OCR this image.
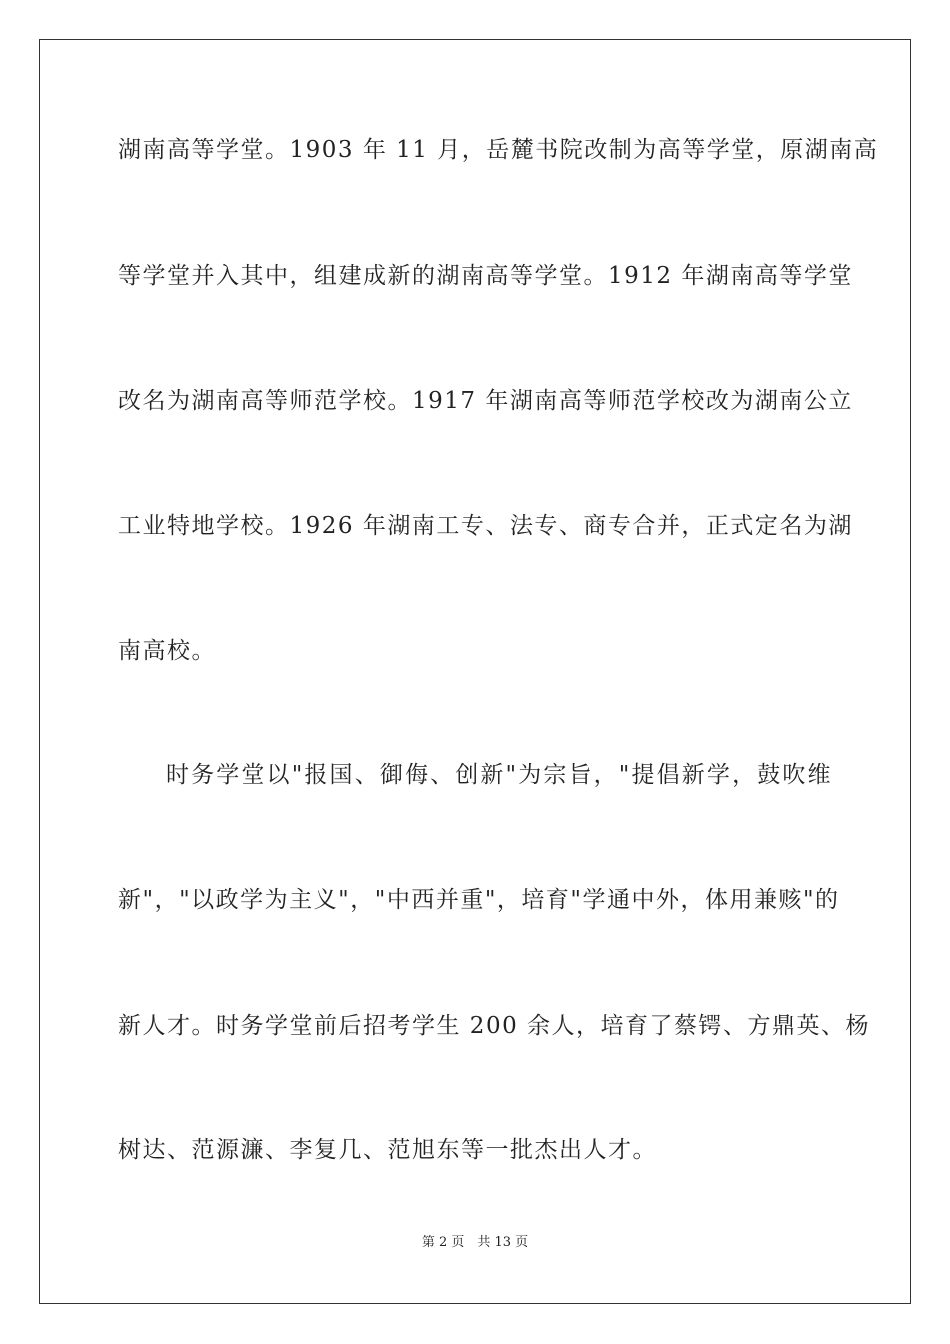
湖南高等学堂。1903 年 11 月，岳麓书院改制为高等学堂，原湖南高
等学堂并入其中，组建成新的湖南高等学堂。1912 年湖南高等学堂
改名为湖南高等师范学校。1917 年湖南高等师范学校改为湖南公立
工业特地学校。1926 年湖南工专、法专、商专合并，正式定名为湖
南高校。
时务学堂以"报国、御侮、创新"为宗旨，"提倡新学，鼓吹维
新"，"以政学为主义"，"中西并重"，培育"学通中外，体用兼赅"的
新人才。时务学堂前后招考学生 200 余人，培育了蔡锷、方鼎英、杨
树达、范源濂、李复几、范旭东等一批杰出人才。
第 2 页　共 13 页
